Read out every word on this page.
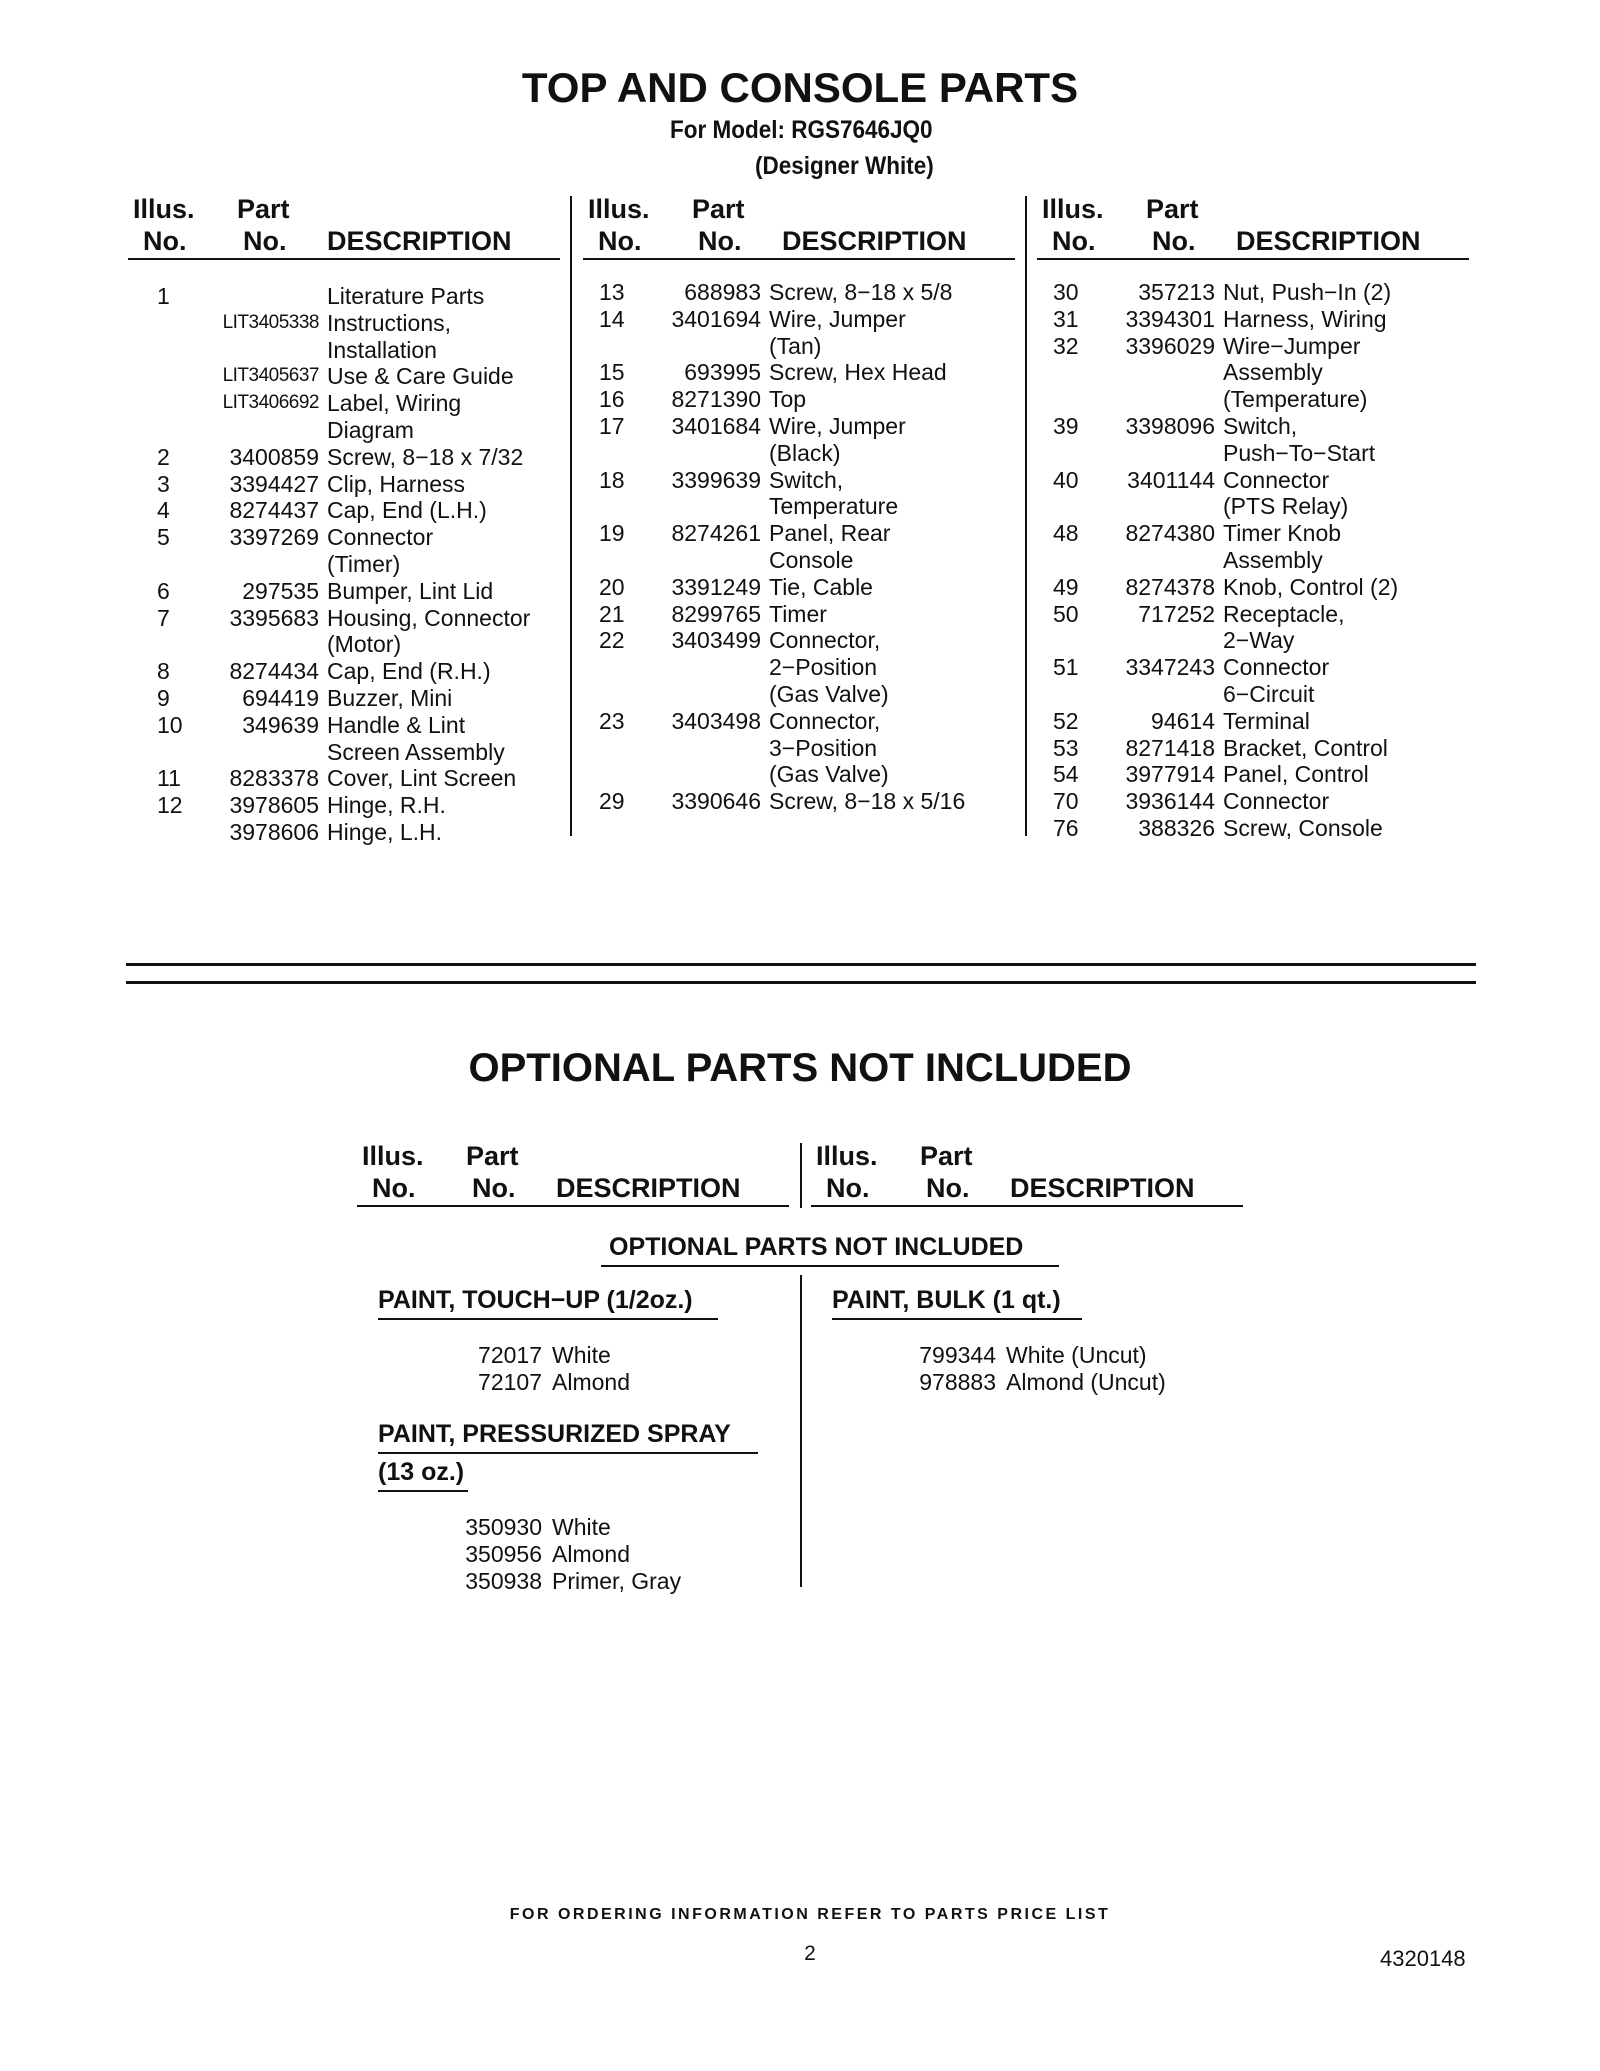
TOP AND CONSOLE PARTS
For Model: RGS7646JQ0
(Designer White)
Illus.
No.
Part
No. DESCRIPTION
Illus.
No.
Part
No. DESCRIPTION
Illus.
No.
Part
No. DESCRIPTION
1	Literature Parts
LIT3405338 Instructions,
Installation
LIT3405637 Use & Care Guide
LIT3406692 Label, Wiring
Diagram
2	3400859 Screw, 8−18 x 7/32
3	3394427 Clip, Harness
4	8274437 Cap, End (L.H.)
5	3397269 Connector
(Timer)
6	297535 Bumper, Lint Lid
7	3395683 Housing, Connector
(Motor)
8	8274434 Cap, End (R.H.)
9	694419 Buzzer, Mini
10	349639 Handle & Lint
Screen Assembly
11	8283378 Cover, Lint Screen
12	3978605 Hinge, R.H.
3978606 Hinge, L.H.
13	688983 Screw, 8−18 x 5/8
14	3401694 Wire, Jumper
(Tan)
15	693995 Screw, Hex Head
16	8271390 Top
17	3401684 Wire, Jumper
(Black)
18	3399639 Switch,
Temperature
19	8274261 Panel, Rear
Console
20	3391249 Tie, Cable
21	8299765 Timer
22	3403499 Connector,
2−Position
(Gas Valve)
23	3403498 Connector,
3−Position
(Gas Valve)
29	3390646 Screw, 8−18 x 5/16
30	357213 Nut, Push−In (2)
31	3394301 Harness, Wiring
32	3396029 Wire−Jumper
Assembly
(Temperature)
39	3398096 Switch,
Push−To−Start
40	3401144 Connector
(PTS Relay)
48	8274380 Timer Knob
Assembly
49	8274378 Knob, Control (2)
50	717252 Receptacle,
2−Way
51	3347243 Connector
6−Circuit
52	94614 Terminal
53	8271418 Bracket, Control
54	3977914 Panel, Control
70	3936144 Connector
76	388326 Screw, Console
OPTIONAL PARTS NOT INCLUDED
Illus.
No.
Part
No. DESCRIPTION
Illus.
No.
Part
No. DESCRIPTION
OPTIONAL PARTS NOT INCLUDED
PAINT, TOUCH−UP (1/2oz.)
72017 White
72107 Almond
PAINT, PRESSURIZED SPRAY
(13 oz.)
350930 White
350956 Almond
350938 Primer, Gray
PAINT, BULK (1 qt.)
799344 White (Uncut)
978883 Almond (Uncut)
FOR ORDERING INFORMATION REFER TO PARTS PRICE LIST
2	4320148
